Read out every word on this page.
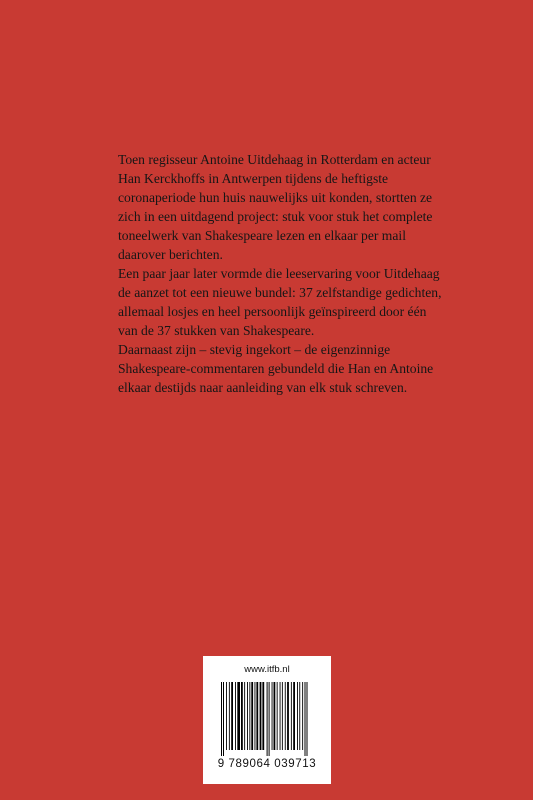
Toen regisseur Antoine Uitdehaag in Rotterdam en acteur Han Kerckhoffs in Antwerpen tijdens de heftigste coronaperiode hun huis nauwelijks uit konden, stortten ze zich in een uitdagend project: stuk voor stuk het complete toneelwerk van Shakespeare lezen en elkaar per mail daarover berichten.

Een paar jaar later vormde die leeservaring voor Uitdehaag de aanzet tot een nieuwe bundel: 37 zelfstandige gedichten, allemaal losjes en heel persoonlijk geïnspireerd door één van de 37 stukken van Shakespeare.

Daarnaast zijn – stevig ingekort – de eigenzinnige Shakespeare-commentaren gebundeld die Han en Antoine elkaar destijds naar aanleiding van elk stuk schreven.

www.itfb.nl
9 789064 039713
